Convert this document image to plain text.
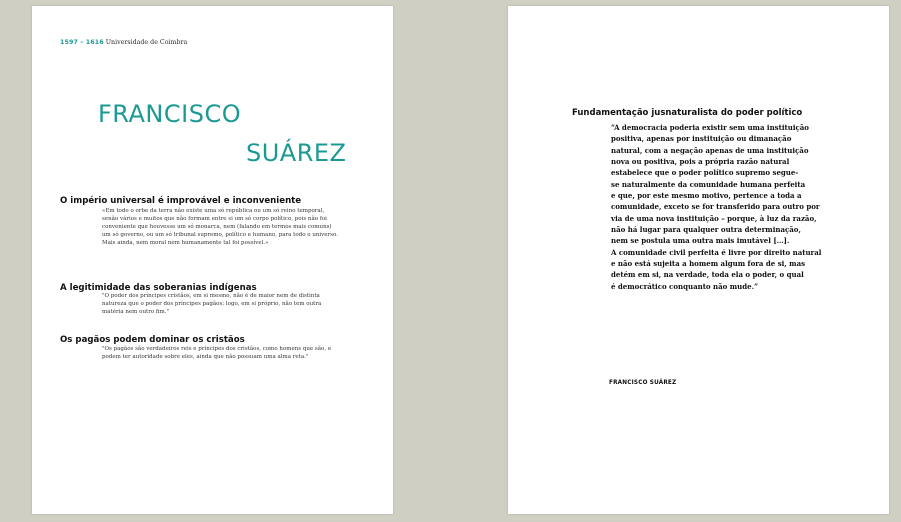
1597 – 1616 Universidade de Coimbra
FRANCISCO
SUÁREZ
O império universal é improvável e inconveniente
«Em todo o orbe da terra não existe uma só república ou um só reino temporal, senão vários e muitos que não formam entre si um só corpo político, pois não foi conveniente que houvesse um só monarca, nem (falando em termos mais comuns) um só governo, ou um só tribunal supremo, político e humano, para todo o universo. Mais ainda, nem moral nem humanamente tal foi possível.»
A legitimidade das soberanias indígenas
"O poder dos príncipes cristãos, em si mesmo, não é de maior nem de distinta natureza que o poder dos príncipes pagãos; logo, em si próprio, não tem outra matéria nem outro fim."
Os pagãos podem dominar os cristãos
"Os pagãos são verdadeiros reis e príncipes dos cristãos, como homens que são, e podem ter autoridade sobre eles, ainda que não possuam uma alma reta."
Fundamentação jusnaturalista do poder político
“A democracia poderia existir sem uma instituição
positiva, apenas por instituição ou dimanação
natural, com a negação apenas de uma instituição
nova ou positiva, pois a própria razão natural
estabelece que o poder político supremo segue-
se naturalmente da comunidade humana perfeita
e que, por este mesmo motivo, pertence a toda a
comunidade, exceto se for transferido para outro por
via de uma nova instituição – porque, à luz da razão,
não há lugar para qualquer outra determinação,
nem se postula uma outra mais imutável […].
A comunidade civil perfeita é livre por direito natural
e não está sujeita a homem algum fora de si, mas
detém em si, na verdade, toda ela o poder, o qual
é democrático conquanto não mude.”
FRANCISCO SUÁREZ
